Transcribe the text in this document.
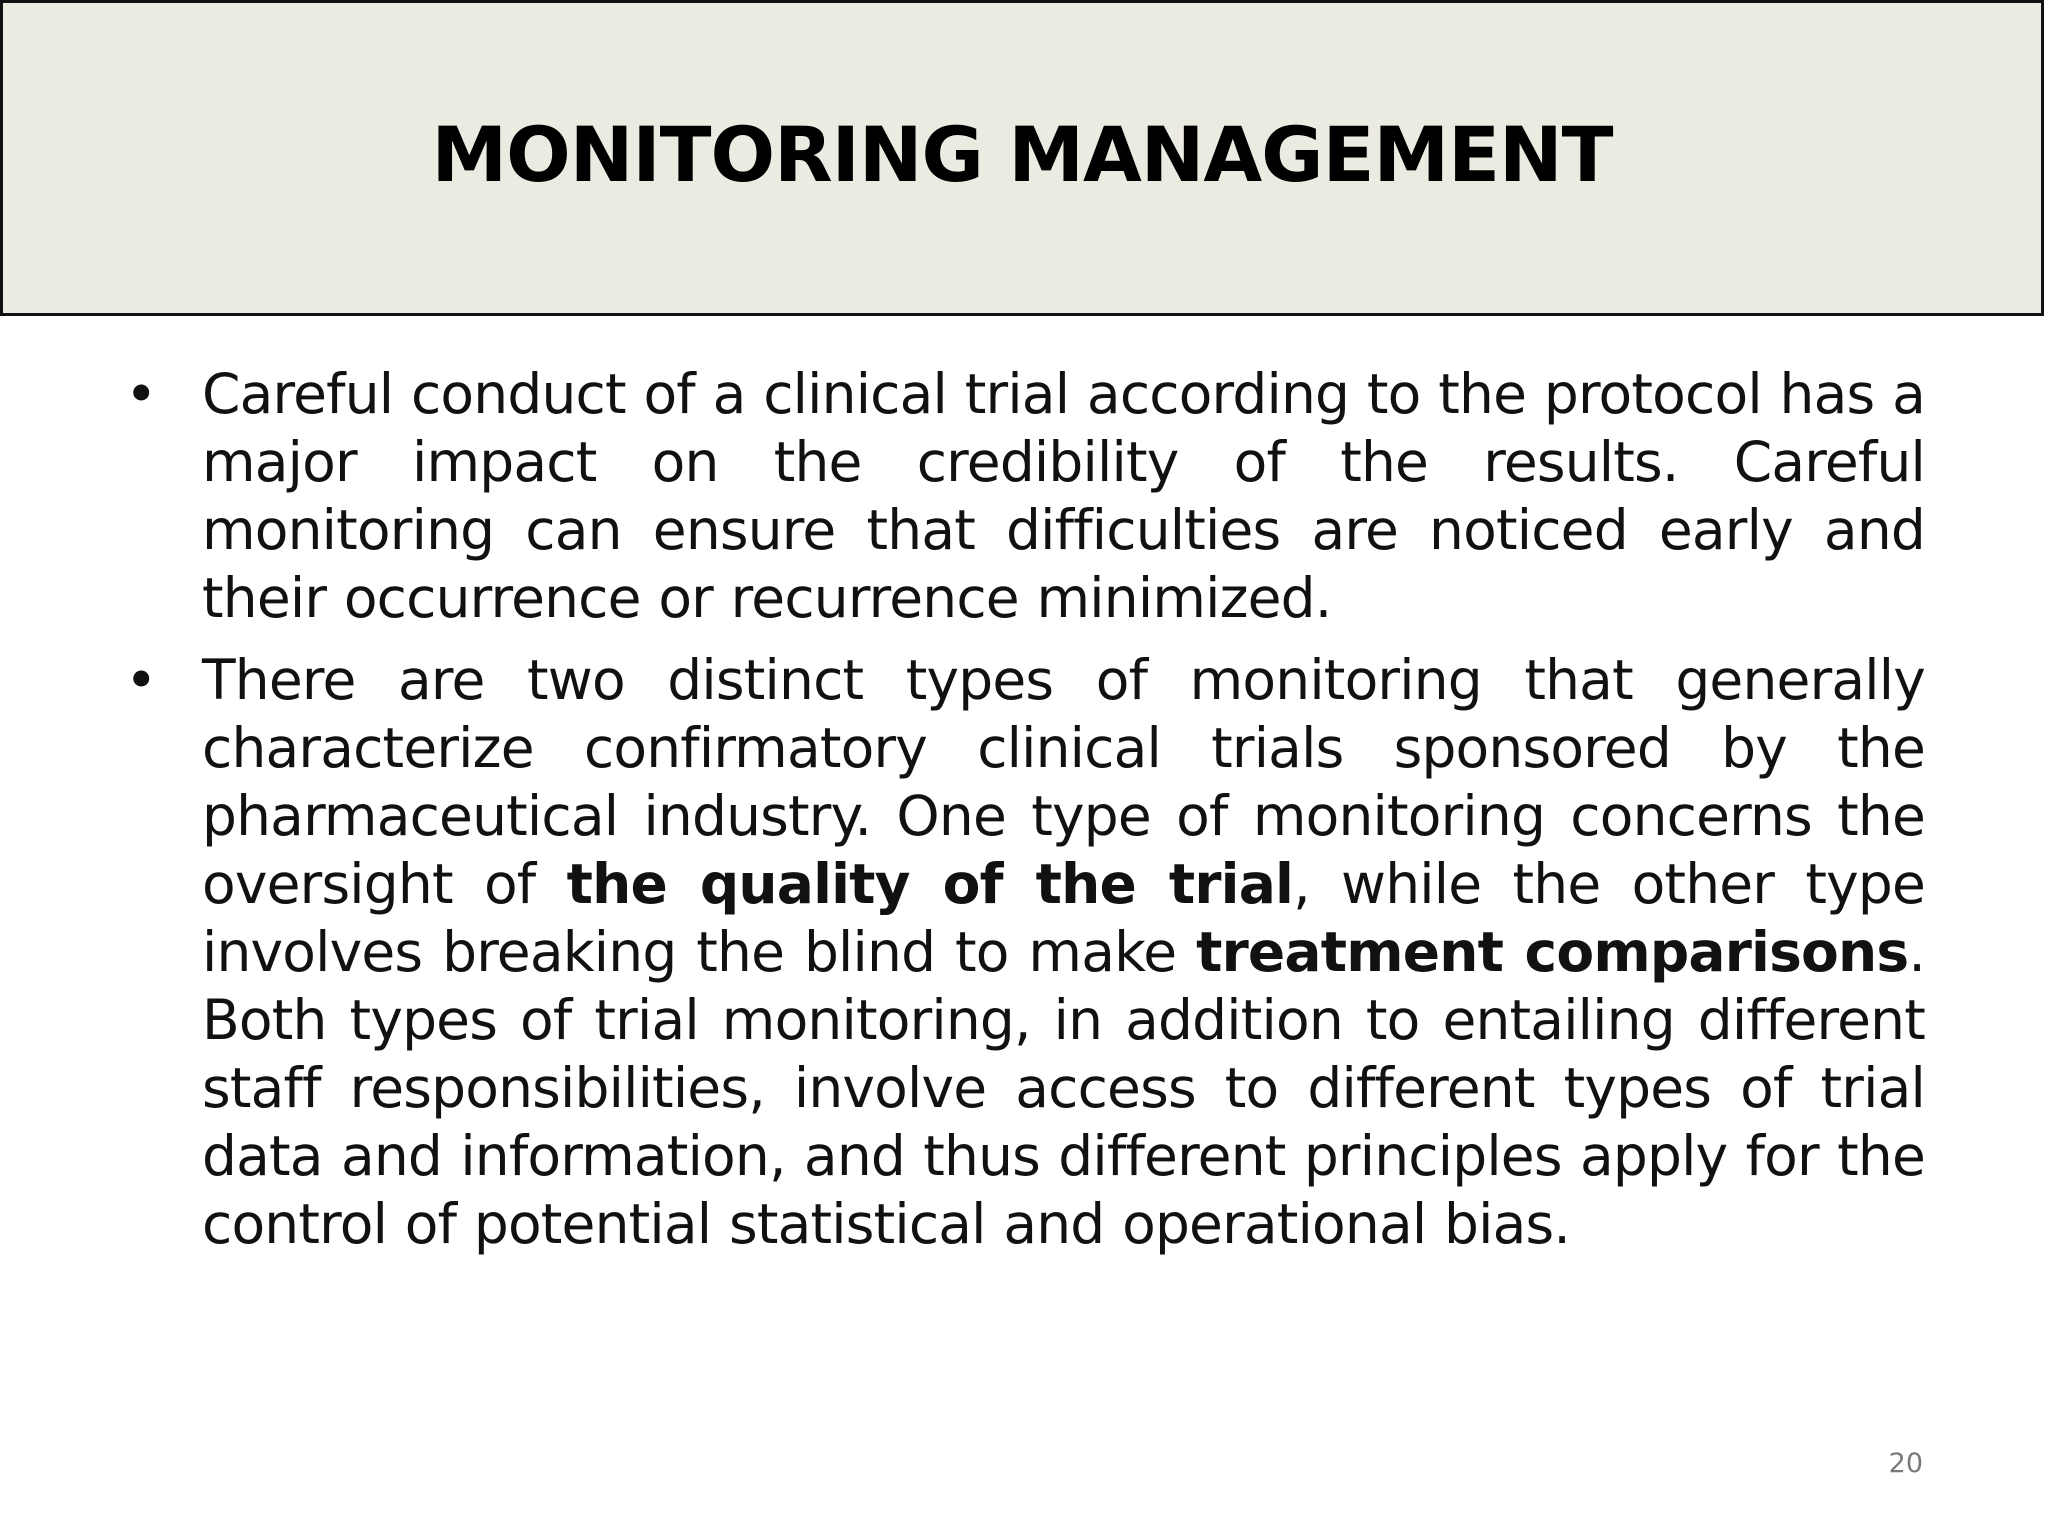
MONITORING MANAGEMENT
• Careful conduct of a clinical trial according to the protocol has a major impact on the credibility of the results. Careful monitoring can ensure that difficulties are noticed early and their occurrence or recurrence minimized.
• There are two distinct types of monitoring that generally characterize confirmatory clinical trials sponsored by the pharmaceutical industry. One type of monitoring concerns the oversight of the quality of the trial, while the other type involves breaking the blind to make treatment comparisons. Both types of trial monitoring, in addition to entailing different staff responsibilities, involve access to different types of trial data and information, and thus different principles apply for the control of potential statistical and operational bias.
20
